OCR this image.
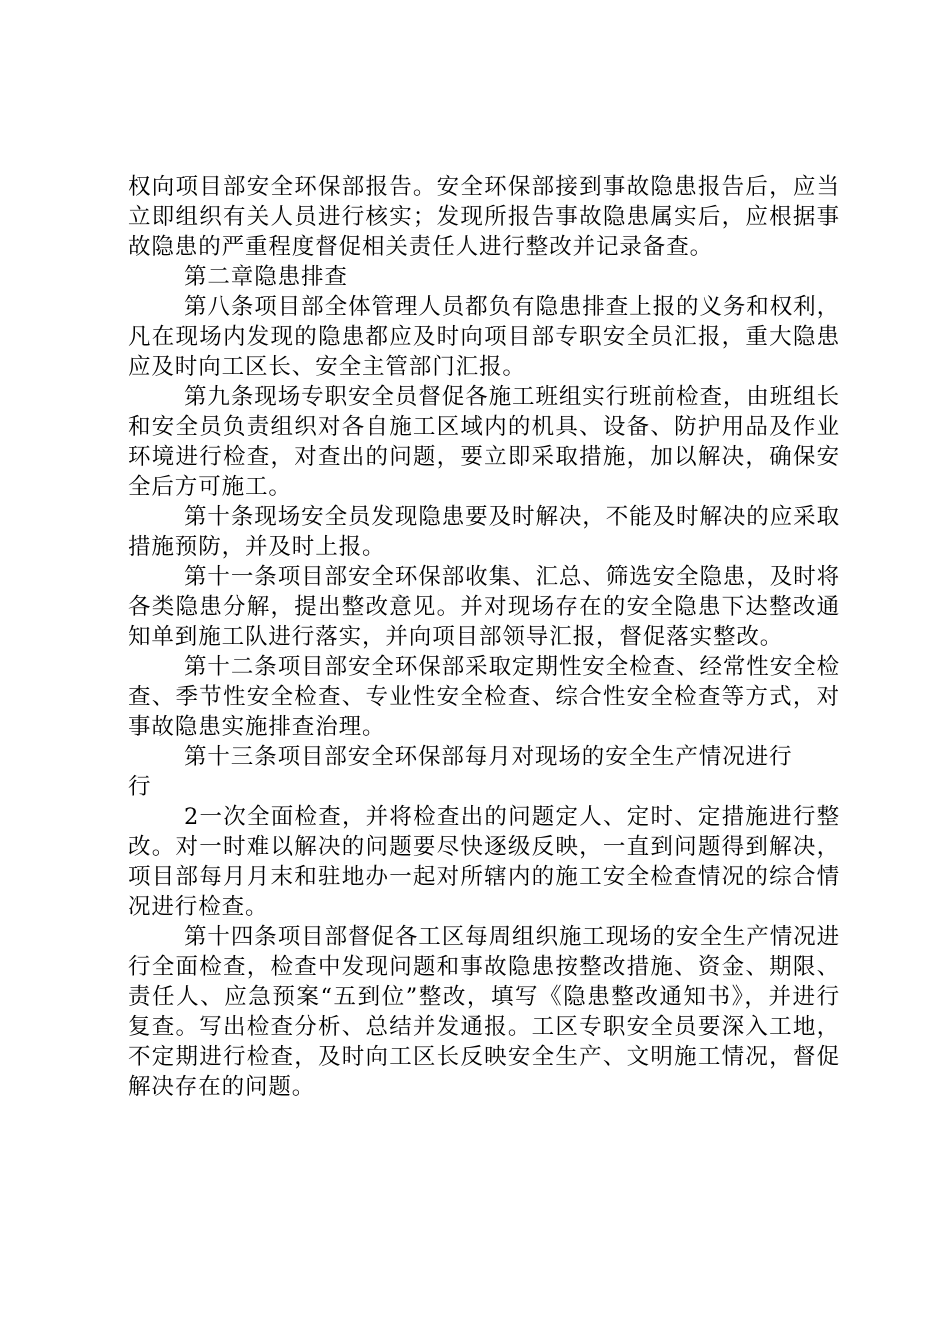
权向项目部安全环保部报告。安全环保部接到事故隐患报告后，应当立即组织有关人员进行核实；发现所报告事故隐患属实后，应根据事故隐患的严重程度督促相关责任人进行整改并记录备查。

第二章隐患排查

第八条项目部全体管理人员都负有隐患排查上报的义务和权利，凡在现场内发现的隐患都应及时向项目部专职安全员汇报，重大隐患应及时向工区长、安全主管部门汇报。

第九条现场专职安全员督促各施工班组实行班前检查，由班组长和安全员负责组织对各自施工区域内的机具、设备、防护用品及作业环境进行检查，对查出的问题，要立即采取措施，加以解决，确保安全后方可施工。

第十条现场安全员发现隐患要及时解决，不能及时解决的应采取措施预防，并及时上报。

第十一条项目部安全环保部收集、汇总、筛选安全隐患，及时将各类隐患分解，提出整改意见。并对现场存在的安全隐患下达整改通知单到施工队进行落实，并向项目部领导汇报，督促落实整改。

第十二条项目部安全环保部采取定期性安全检查、经常性安全检查、季节性安全检查、专业性安全检查、综合性安全检查等方式，对事故隐患实施排查治理。

第十三条项目部安全环保部每月对现场的安全生产情况进行

行

2一次全面检查，并将检查出的问题定人、定时、定措施进行整改。对一时难以解决的问题要尽快逐级反映，一直到问题得到解决，项目部每月月末和驻地办一起对所辖内的施工安全检查情况的综合情况进行检查。

第十四条项目部督促各工区每周组织施工现场的安全生产情况进行全面检查，检查中发现问题和事故隐患按整改措施、资金、期限、责任人、应急预案“五到位”整改，填写《隐患整改通知书》，并进行复查。写出检查分析、总结并发通报。工区专职安全员要深入工地，不定期进行检查，及时向工区长反映安全生产、文明施工情况，督促解决存在的问题。
